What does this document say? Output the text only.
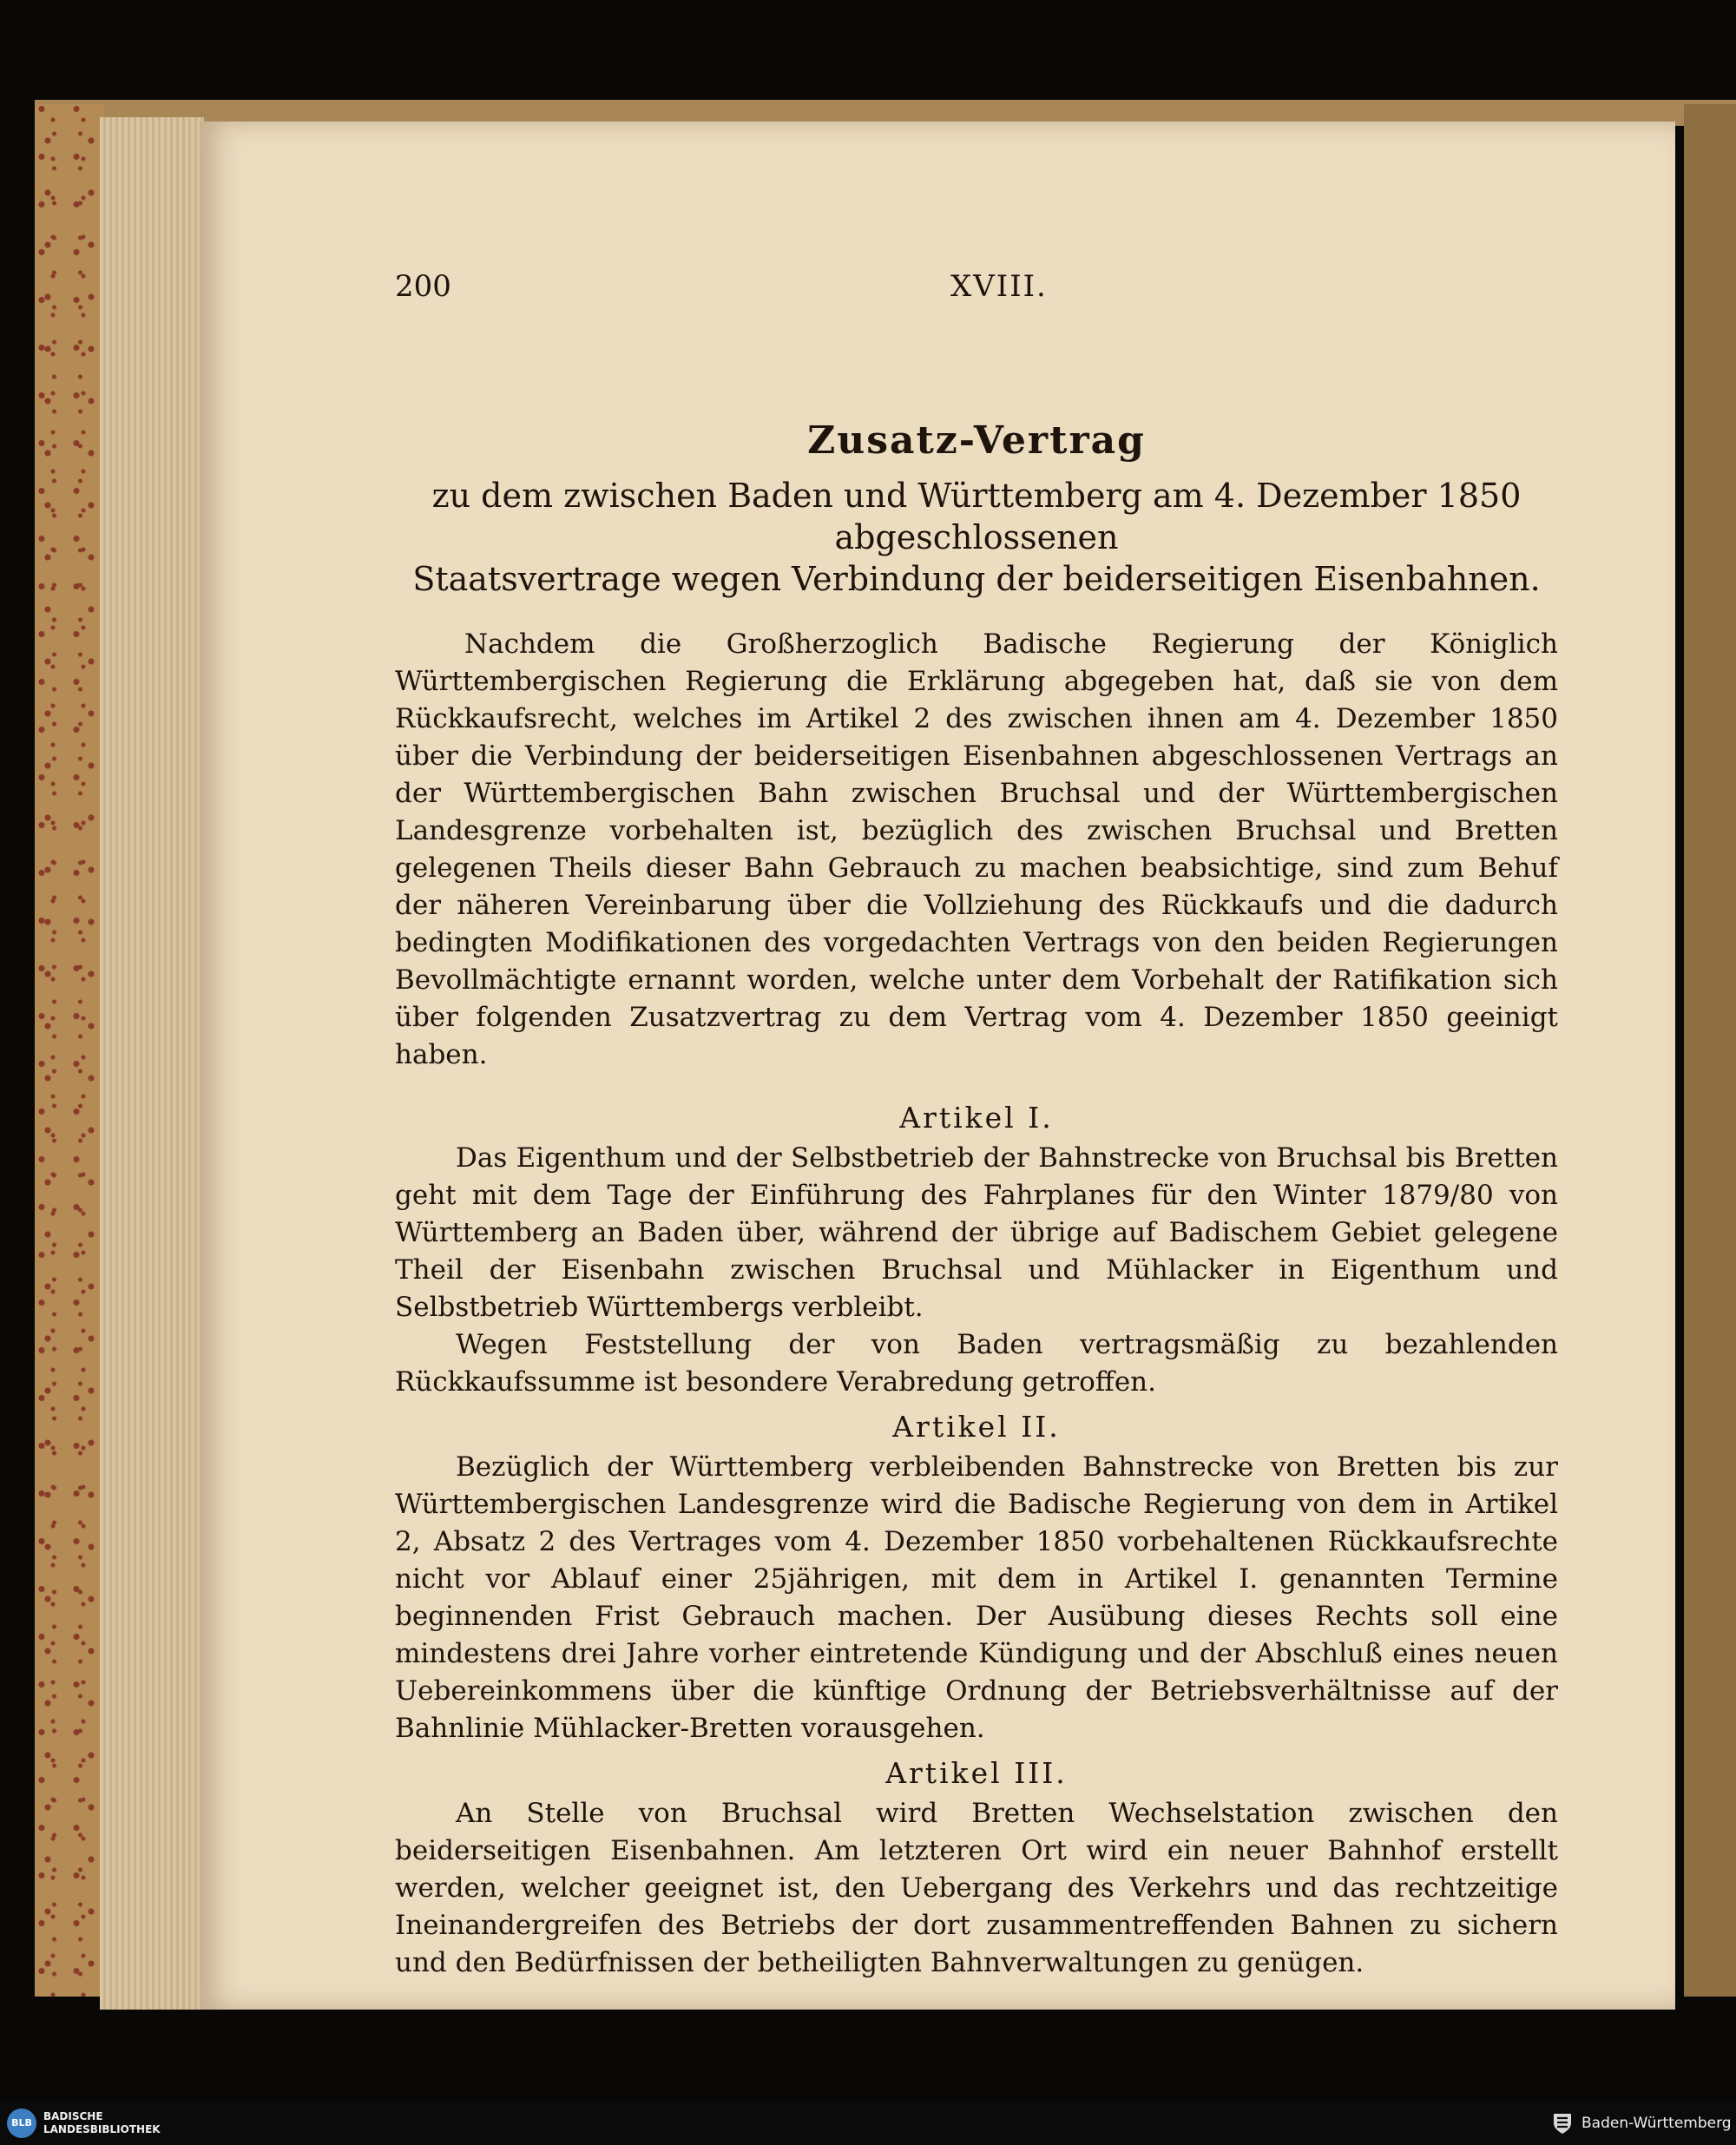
200	XVIII.
Zusatz-Vertrag
zu dem zwischen Baden und Württemberg am 4. Dezember 1850 abgeschlossenen
Staatsvertrage wegen Verbindung der beiderseitigen Eisenbahnen.

Nachdem die Großherzoglich Badische Regierung der Königlich Württembergischen Regierung die Erklärung abgegeben hat, daß sie von dem Rückkaufsrecht, welches im Artikel 2 des zwischen ihnen am 4. Dezember 1850 über die Verbindung der beiderseitigen Eisenbahnen abgeschlossenen Vertrags an der Württembergischen Bahn zwischen Bruchsal und der Württembergischen Landesgrenze vorbehalten ist, bezüglich des zwischen Bruchsal und Bretten gelegenen Theils dieser Bahn Gebrauch zu machen beabsichtige, sind zum Behuf der näheren Vereinbarung über die Vollziehung des Rückkaufs und die dadurch bedingten Modifikationen des vorgedachten Vertrags von den beiden Regierungen Bevollmächtigte ernannt worden, welche unter dem Vorbehalt der Ratifikation sich über folgenden Zusatzvertrag zu dem Vertrag vom 4. Dezember 1850 geeinigt haben.

Artikel I.

Das Eigenthum und der Selbstbetrieb der Bahnstrecke von Bruchsal bis Bretten geht mit dem Tage der Einführung des Fahrplanes für den Winter 1879/80 von Württemberg an Baden über, während der übrige auf Badischem Gebiet gelegene Theil der Eisenbahn zwischen Bruchsal und Mühlacker in Eigenthum und Selbstbetrieb Württembergs verbleibt.

Wegen Feststellung der von Baden vertragsmäßig zu bezahlenden Rückkaufssumme ist besondere Verabredung getroffen.

Artikel II.

Bezüglich der Württemberg verbleibenden Bahnstrecke von Bretten bis zur Württembergischen Landesgrenze wird die Badische Regierung von dem in Artikel 2, Absatz 2 des Vertrages vom 4. Dezember 1850 vorbehaltenen Rückkaufsrechte nicht vor Ablauf einer 25jährigen, mit dem in Artikel I. genannten Termine beginnenden Frist Gebrauch machen. Der Ausübung dieses Rechts soll eine mindestens drei Jahre vorher eintretende Kündigung und der Abschluß eines neuen Uebereinkommens über die künftige Ordnung der Betriebsverhältnisse auf der Bahnlinie Mühlacker-Bretten vorausgehen.

Artikel III.

An Stelle von Bruchsal wird Bretten Wechselstation zwischen den beiderseitigen Eisenbahnen. Am letzteren Ort wird ein neuer Bahnhof erstellt werden, welcher geeignet ist, den Uebergang des Verkehrs und das rechtzeitige Ineinandergreifen des Betriebs der dort zusammentreffenden Bahnen zu sichern und den Bedürfnissen der betheiligten Bahnverwaltungen zu genügen.

BLB
BADISCHE
LANDESBIBLIOTHEK	Baden-Württemberg
